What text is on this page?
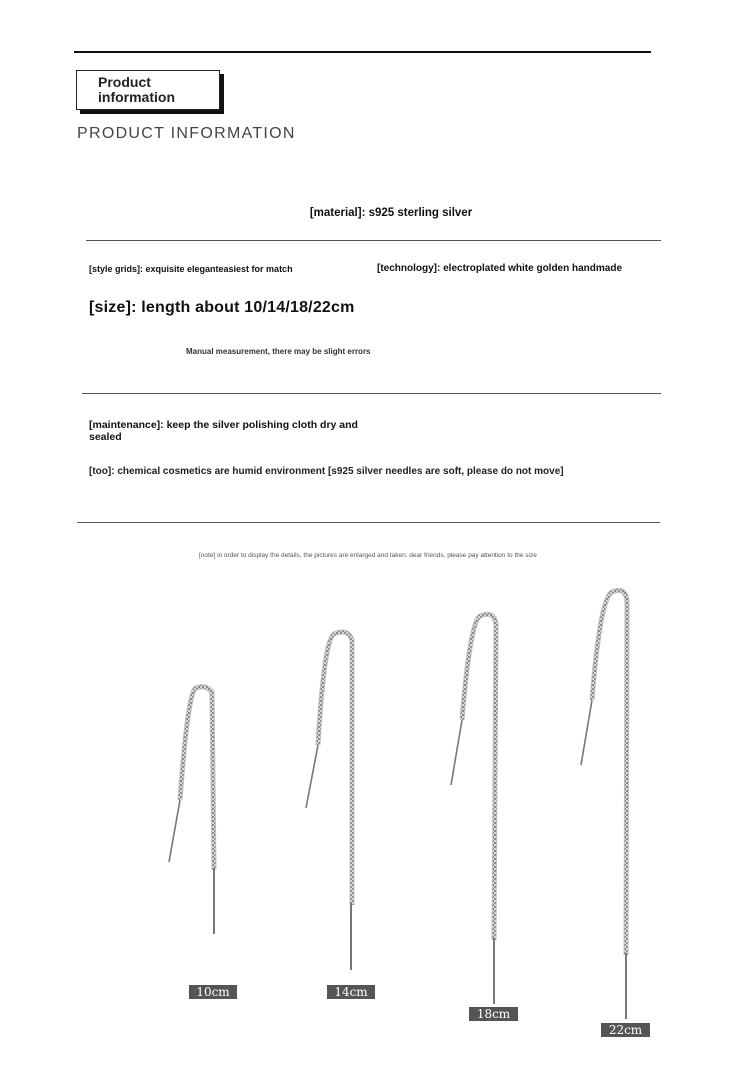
Product
information
PRODUCT INFORMATION
[material]: s925 sterling silver
[style grids]: exquisite eleganteasiest for match	[technology]: electroplated white golden handmade
[size]: length about 10/14/18/22cm
Manual measurement, there may be slight errors
[maintenance]: keep the silver polishing cloth dry and sealed
[too]: chemical cosmetics are humid environment [s925 silver needles are soft, please do not move]
[note] in order to display the details, the pictures are enlarged and taken. dear friends, please pay attention to the size
10cm	14cm
18cm
22cm
